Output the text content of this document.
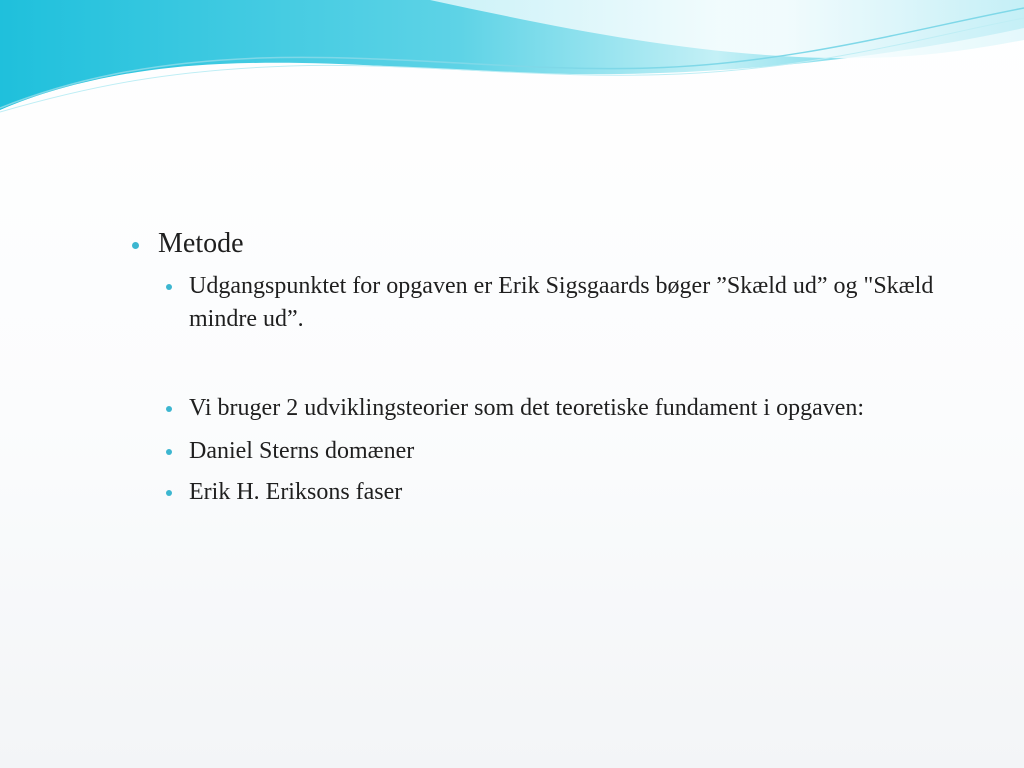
Metode
Udgangspunktet for opgaven er Erik Sigsgaards bøger ”Skæld ud” og "Skæld mindre ud”.
Vi bruger 2 udviklingsteorier som det teoretiske fundament i opgaven:
Daniel Sterns domæner
Erik H. Eriksons faser
